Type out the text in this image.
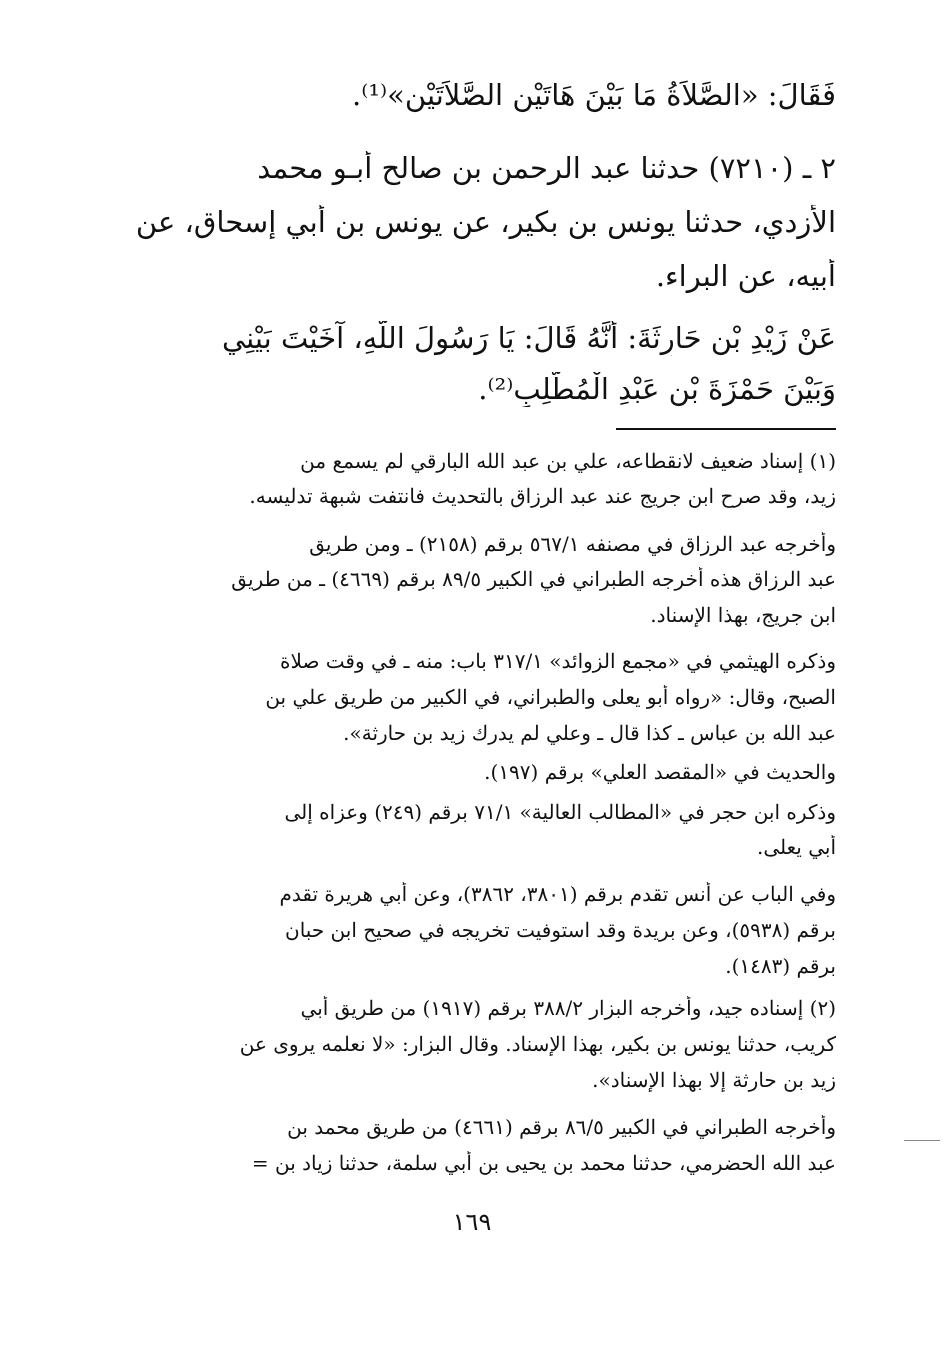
فَقَالَ: «الصَّلاَةُ مَا بَيْنَ هَاتَيْنِ الصَّلاَتَيْنِ»⁽¹⁾.
٢ ـ (٧٢١٠) حدثنا عبد الرحمن بن صالح أبـو محمد
الأزدي، حدثنا يونس بن بكير، عن يونس بن أبي إسحاق، عن
أبيه، عن البراء.
عَنْ زَيْدِ بْنِ حَارِثَةَ: أَنَّهُ قَالَ: يَا رَسُولَ اللَّهِ، آخَيْتَ بَيْنِي
وَبَيْنَ حَمْزَةَ بْنِ عَبْدِ الْمُطَّلِبِ⁽²⁾.
(١) إسناد ضعيف لانقطاعه، علي بن عبد الله البارقي لم يسمع من
زيد، وقد صرح ابن جريج عند عبد الرزاق بالتحديث فانتفت شبهة تدليسه.
وأخرجه عبد الرزاق في مصنفه ٥٦٧/١ برقم (٢١٥٨) ـ ومن طريق
عبد الرزاق هذه أخرجه الطبراني في الكبير ٨٩/٥ برقم (٤٦٦٩) ـ من طريق
ابن جريج، بهذا الإسناد.
وذكره الهيثمي في «مجمع الزوائد» ٣١٧/١ باب: منه ـ في وقت صلاة
الصبح، وقال: «رواه أبو يعلى والطبراني، في الكبير من طريق علي بن
عبد الله بن عباس ـ كذا قال ـ وعلي لم يدرك زيد بن حارثة».
والحديث في «المقصد العلي» برقم (١٩٧).
وذكره ابن حجر في «المطالب العالية» ٧١/١ برقم (٢٤٩) وعزاه إلى
أبي يعلى.
وفي الباب عن أنس تقدم برقم (٣٨٠١، ٣٨٦٢)، وعن أبي هريرة تقدم
برقم (٥٩٣٨)، وعن بريدة وقد استوفيت تخريجه في صحيح ابن حبان
برقم (١٤٨٣).
(٢) إسناده جيد، وأخرجه البزار ٣٨٨/٢ برقم (١٩١٧) من طريق أبي
كريب، حدثنا يونس بن بكير، بهذا الإسناد. وقال البزار: «لا نعلمه يروى عن
زيد بن حارثة إلا بهذا الإسناد».
وأخرجه الطبراني في الكبير ٨٦/٥ برقم (٤٦٦١) من طريق محمد بن
عبد الله الحضرمي، حدثنا محمد بن يحيى بن أبي سلمة، حدثنا زياد بن =
١٦٩
